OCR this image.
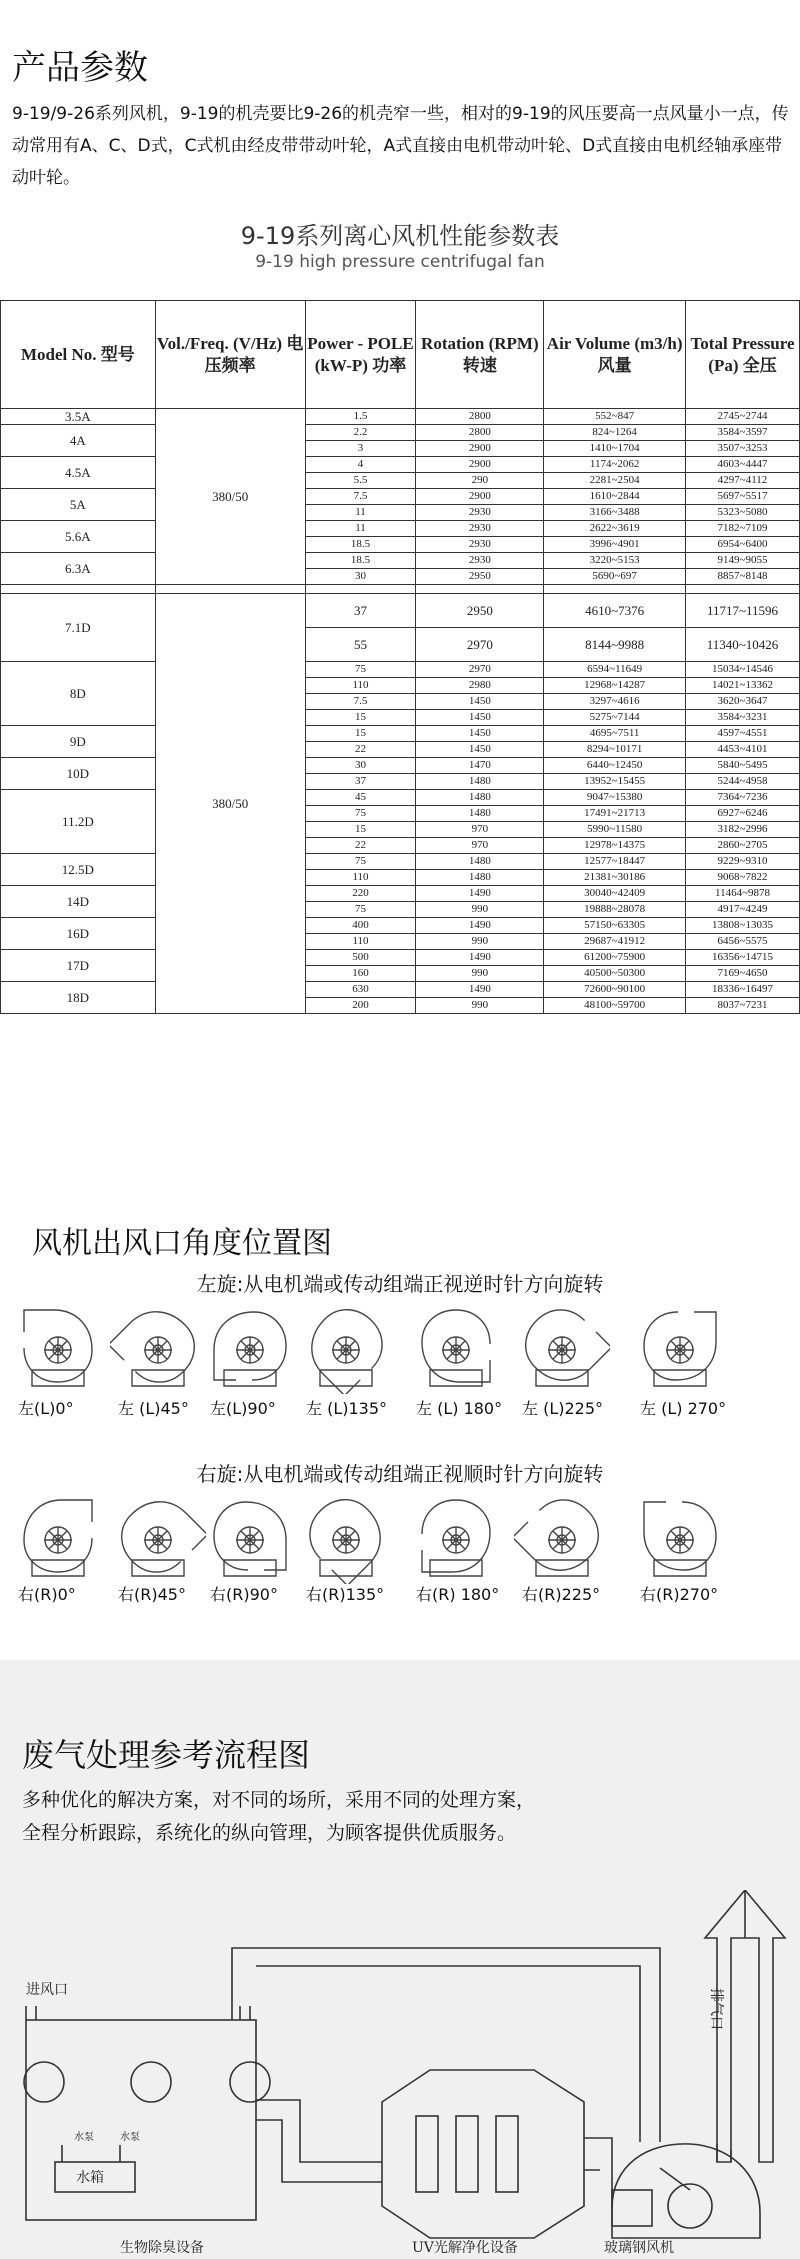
产品参数
9-19/9-26系列风机，9-19的机壳要比9-26的机壳窄一些，相对的9-19的风压要高一点风量小一点，传动常用有A、C、D式，C式机由经皮带带动叶轮，A式直接由电机带动叶轮、D式直接由电机经轴承座带动叶轮。
9-19系列离心风机性能参数表
9-19 high pressure centrifugal fan
Model No. 型号	Vol./Freq. (V/Hz) 电压频率	Power - POLE (kW-P) 功率	Rotation (RPM) 转速	Air Volume (m3/h) 风量	Total Pressure (Pa) 全压
3.5A	380/50	1.5	2800	552~847	2745~2744
4A		2.2	2800	824~1264	3584~3597
		3	2900	1410~1704	3507~3253
4.5A		4	2900	1174~2062	4603~4447
		5.5	290	2281~2504	4297~4112
5A		7.5	2900	1610~2844	5697~5517
		11	2930	3166~3488	5323~5080
5.6A		11	2930	2622~3619	7182~7109
		18.5	2930	3996~4901	6954~6400
6.3A		18.5	2930	3220~5153	9149~9055
		30	2950	5690~697	8857~8148

7.1D	380/50	37	2950	4610~7376	11717~11596
		55	2970	8144~9988	11340~10426
8D		75	2970	6594~11649	15034~14546
		110	2980	12968~14287	14021~13362
		7.5	1450	3297~4616	3620~3647
		15	1450	5275~7144	3584~3231
9D		15	1450	4695~7511	4597~4551
		22	1450	8294~10171	4453~4101
10D		30	1470	6440~12450	5840~5495
		37	1480	13952~15455	5244~4958
11.2D		45	1480	9047~15380	7364~7236
		75	1480	17491~21713	6927~6246
		15	970	5990~11580	3182~2996
		22	970	12978~14375	2860~2705
12.5D		75	1480	12577~18447	9229~9310
		110	1480	21381~30186	9068~7822
14D		220	1490	30040~42409	11464~9878
		75	990	19888~28078	4917~4249
16D		400	1490	57150~63305	13808~13035
		110	990	29687~41912	6456~5575
17D		500	1490	61200~75900	16356~14715
		160	990	40500~50300	7169~4650
18D		630	1490	72600~90100	18336~16497
		200	990	48100~59700	8037~7231
风机出风口角度位置图
左旋:从电机端或传动组端正视逆时针方向旋转
右旋:从电机端或传动组端正视顺时针方向旋转
左(L)0°	左 (L)45° 左(L)90° 左 (L)135° 左 (L) 180° 左 (L)225° 左 (L) 270°
右(R)0°	右(R)45° 右(R)90° 右(R)135° 右(R) 180° 右(R)225° 右(R)270°
废气处理参考流程图
多种优化的解决方案，对不同的场所，采用不同的处理方案，
全程分析跟踪，系统化的纵向管理，为顾客提供优质服务。
进风口	排气口
水泵	水泵
水箱
生物除臭设备	UV光解净化设备	玻璃钢风机
